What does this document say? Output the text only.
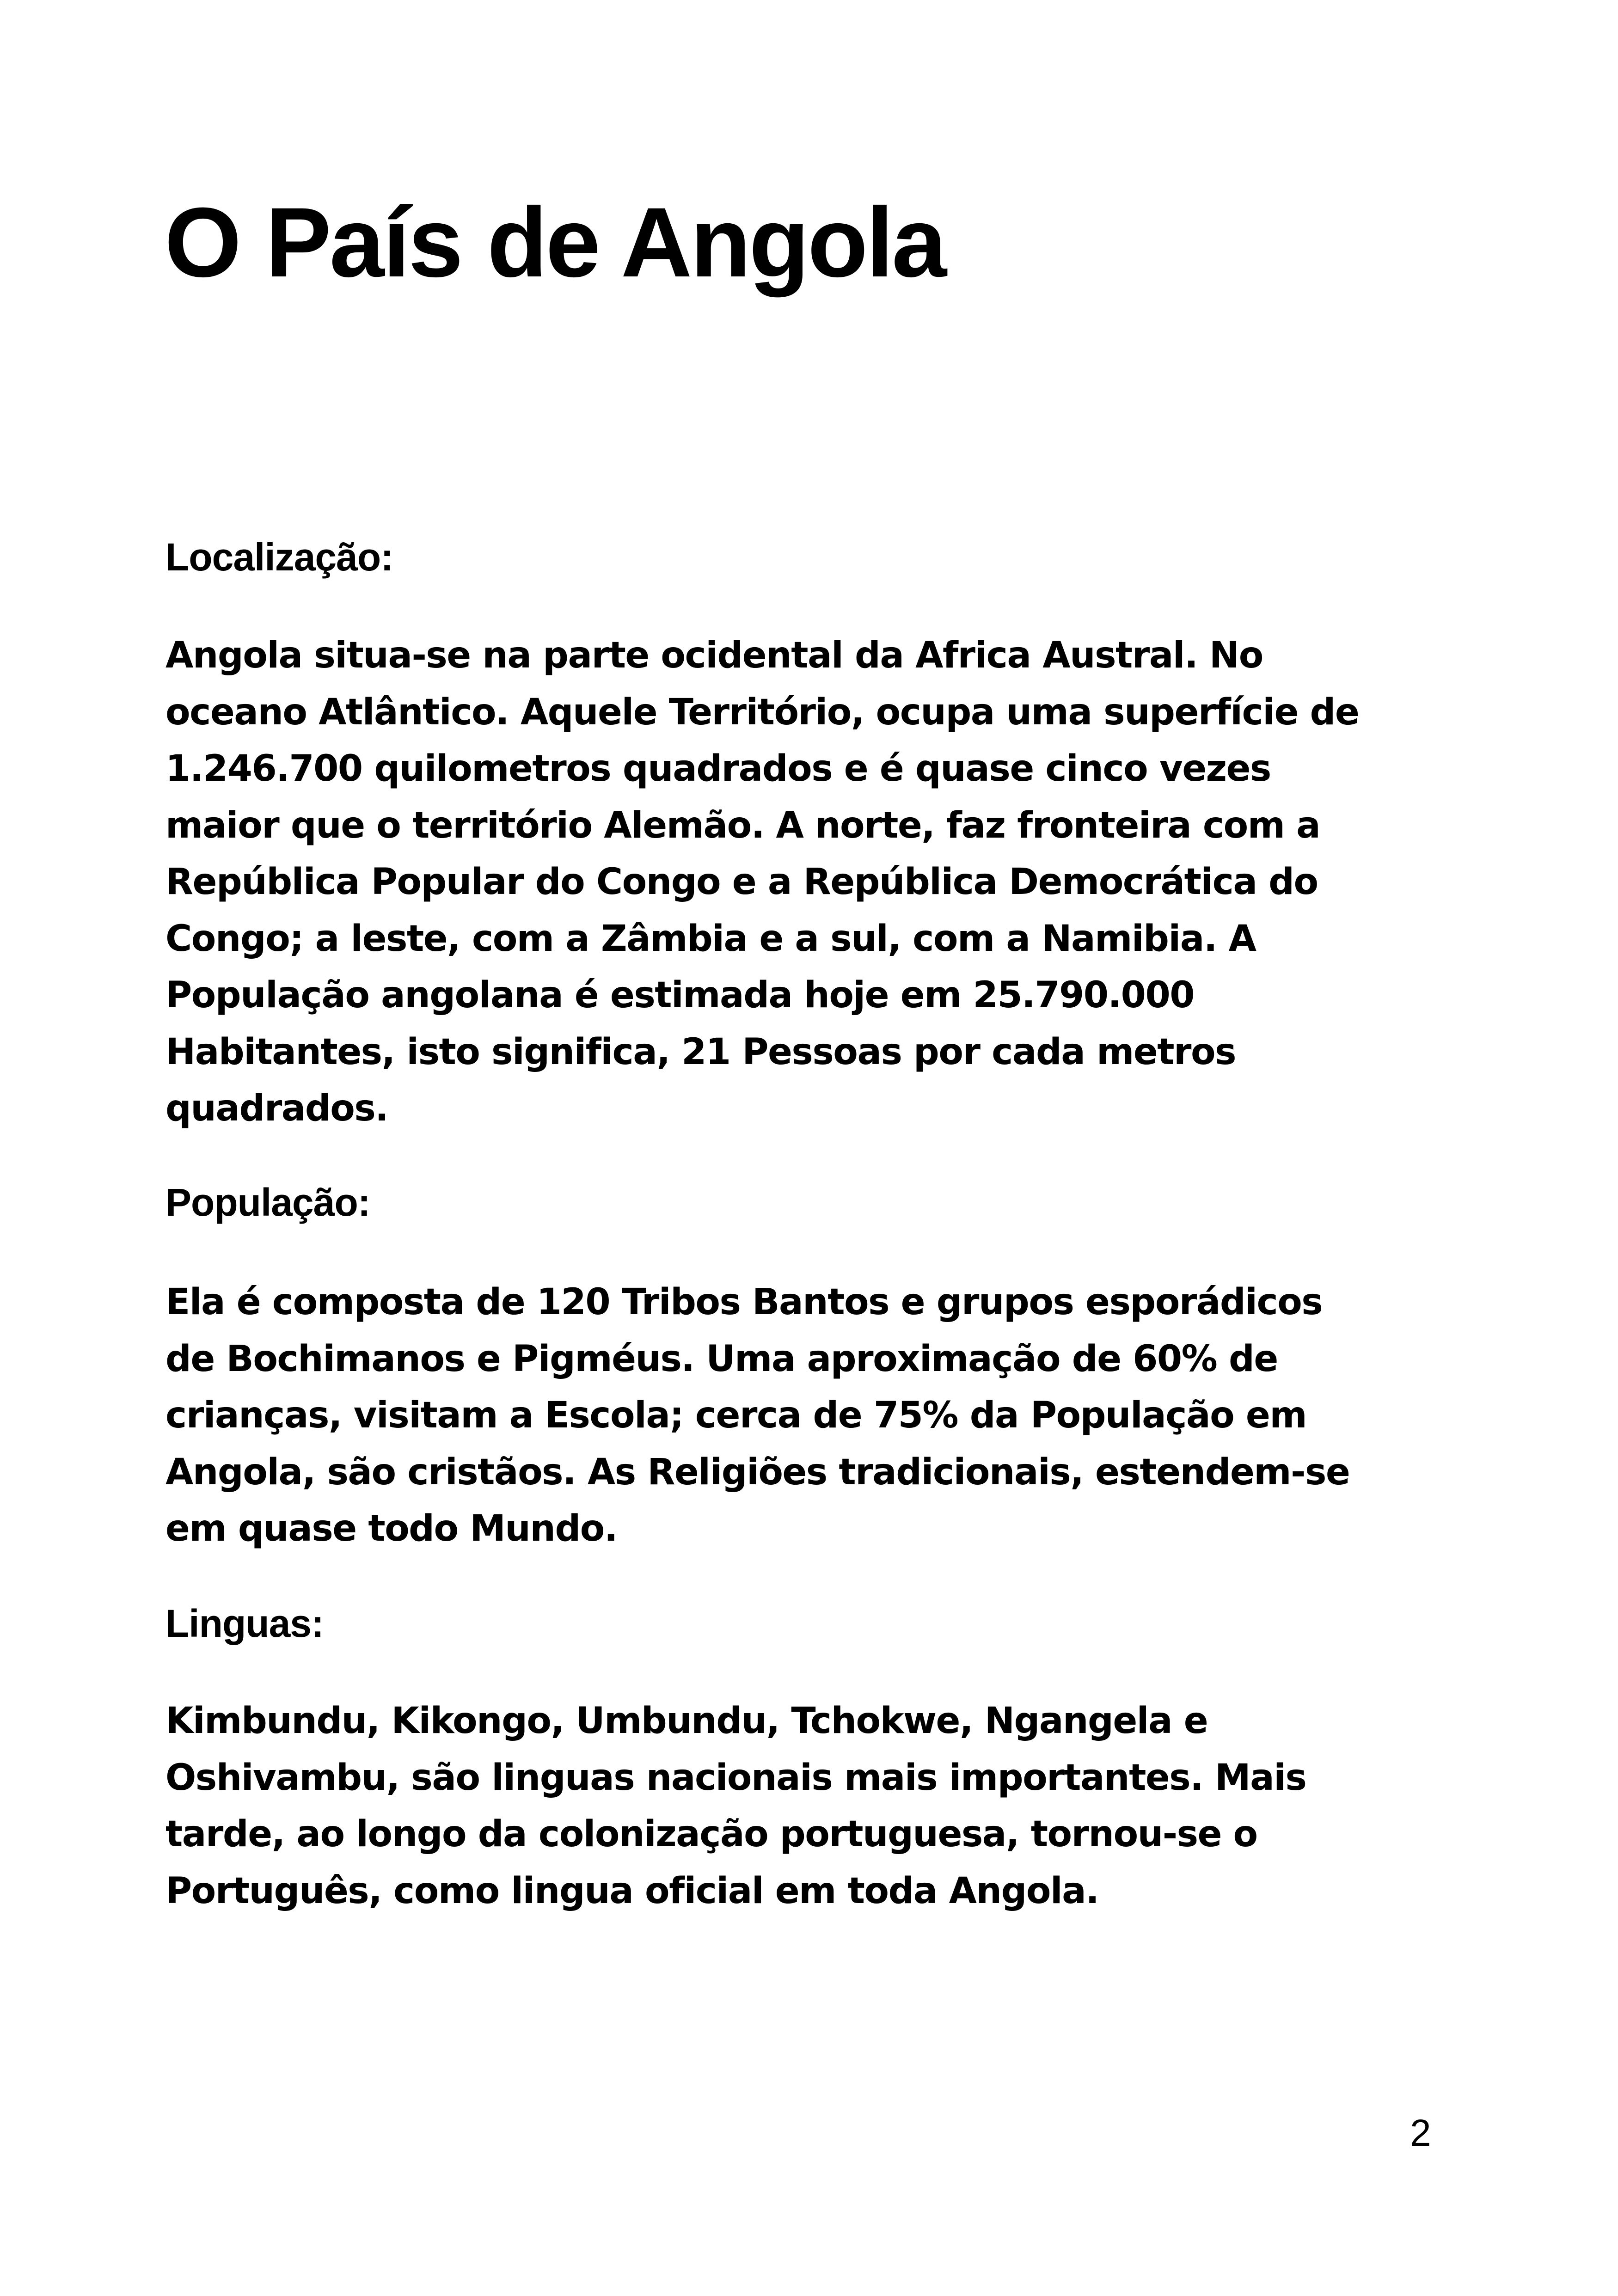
O País de Angola
Localização:

Angola situa-se na parte ocidental da Africa Austral. No
oceano Atlântico. Aquele Território, ocupa uma superfície de
1.246.700 quilometros quadrados e é quase cinco vezes
maior que o território Alemão. A norte, faz fronteira com a
República Popular do Congo e a República Democrática do
Congo; a leste, com a Zâmbia e a sul, com a Namibia. A
População angolana é estimada hoje em 25.790.000
Habitantes, isto significa, 21 Pessoas por cada metros
quadrados.

População:

Ela é composta de 120 Tribos Bantos e grupos esporádicos
de Bochimanos e Pigméus. Uma aproximação de 60% de
crianças, visitam a Escola; cerca de 75% da População em
Angola, são cristãos. As Religiões tradicionais, estendem-se
em quase todo Mundo.

Linguas:

Kimbundu, Kikongo, Umbundu, Tchokwe, Ngangela e
Oshivambu, são linguas nacionais mais importantes. Mais
tarde, ao longo da colonização portuguesa, tornou-se o
Português, como lingua oficial em toda Angola.

2
